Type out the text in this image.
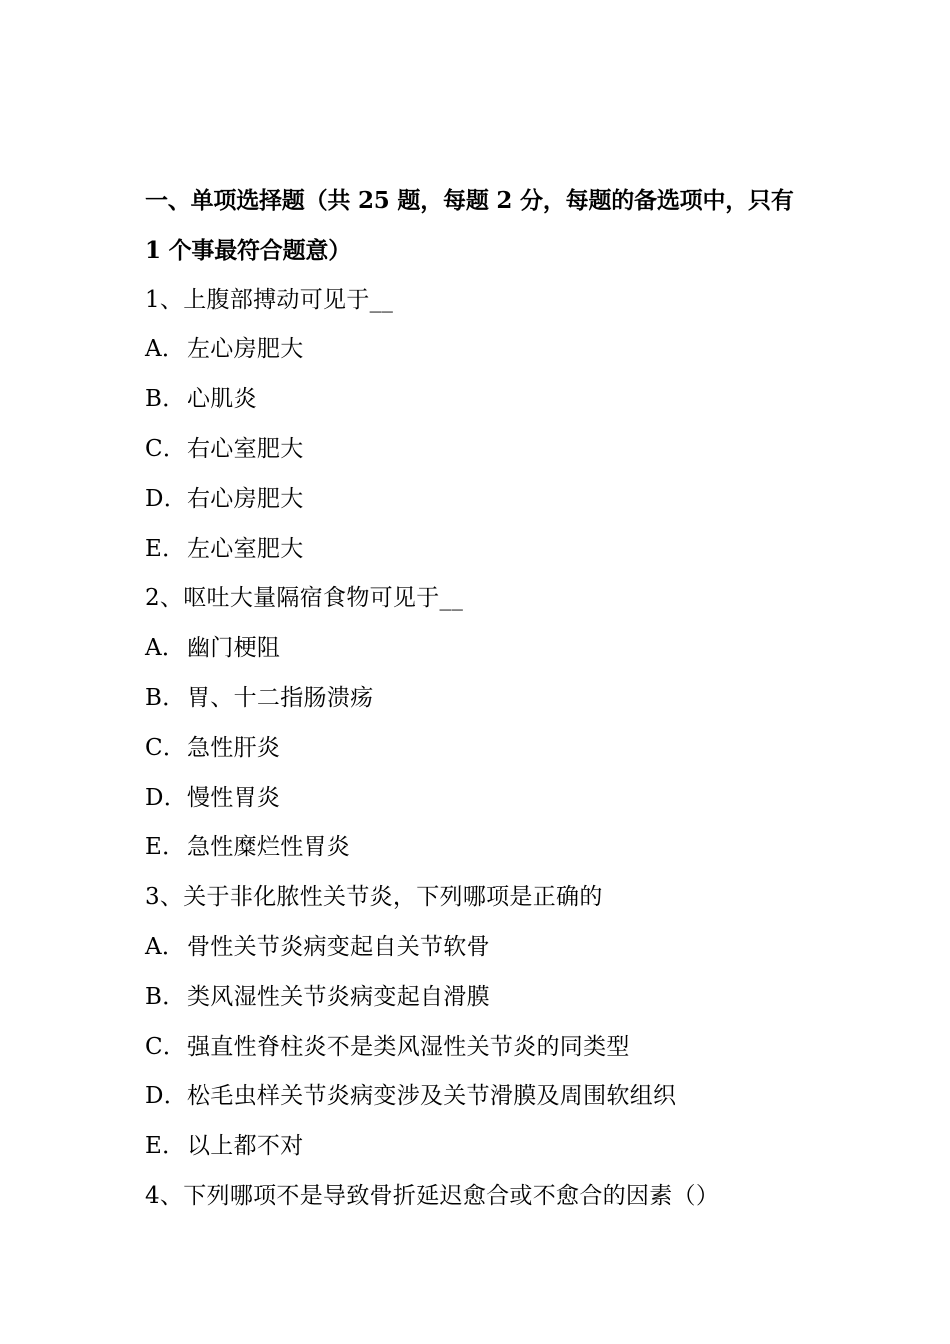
一、单项选择题（共 25 题，每题 2 分，每题的备选项中，只有
1 个事最符合题意）
1、上腹部搏动可见于__
A．左心房肥大
B．心肌炎
C．右心室肥大
D．右心房肥大
E．左心室肥大
2、呕吐大量隔宿食物可见于__
A．幽门梗阻
B．胃、十二指肠溃疡
C．急性肝炎
D．慢性胃炎
E．急性糜烂性胃炎
3、关于非化脓性关节炎，下列哪项是正确的
A．骨性关节炎病变起自关节软骨
B．类风湿性关节炎病变起自滑膜
C．强直性脊柱炎不是类风湿性关节炎的同类型
D．松毛虫样关节炎病变涉及关节滑膜及周围软组织
E．以上都不对
4、下列哪项不是导致骨折延迟愈合或不愈合的因素（）
